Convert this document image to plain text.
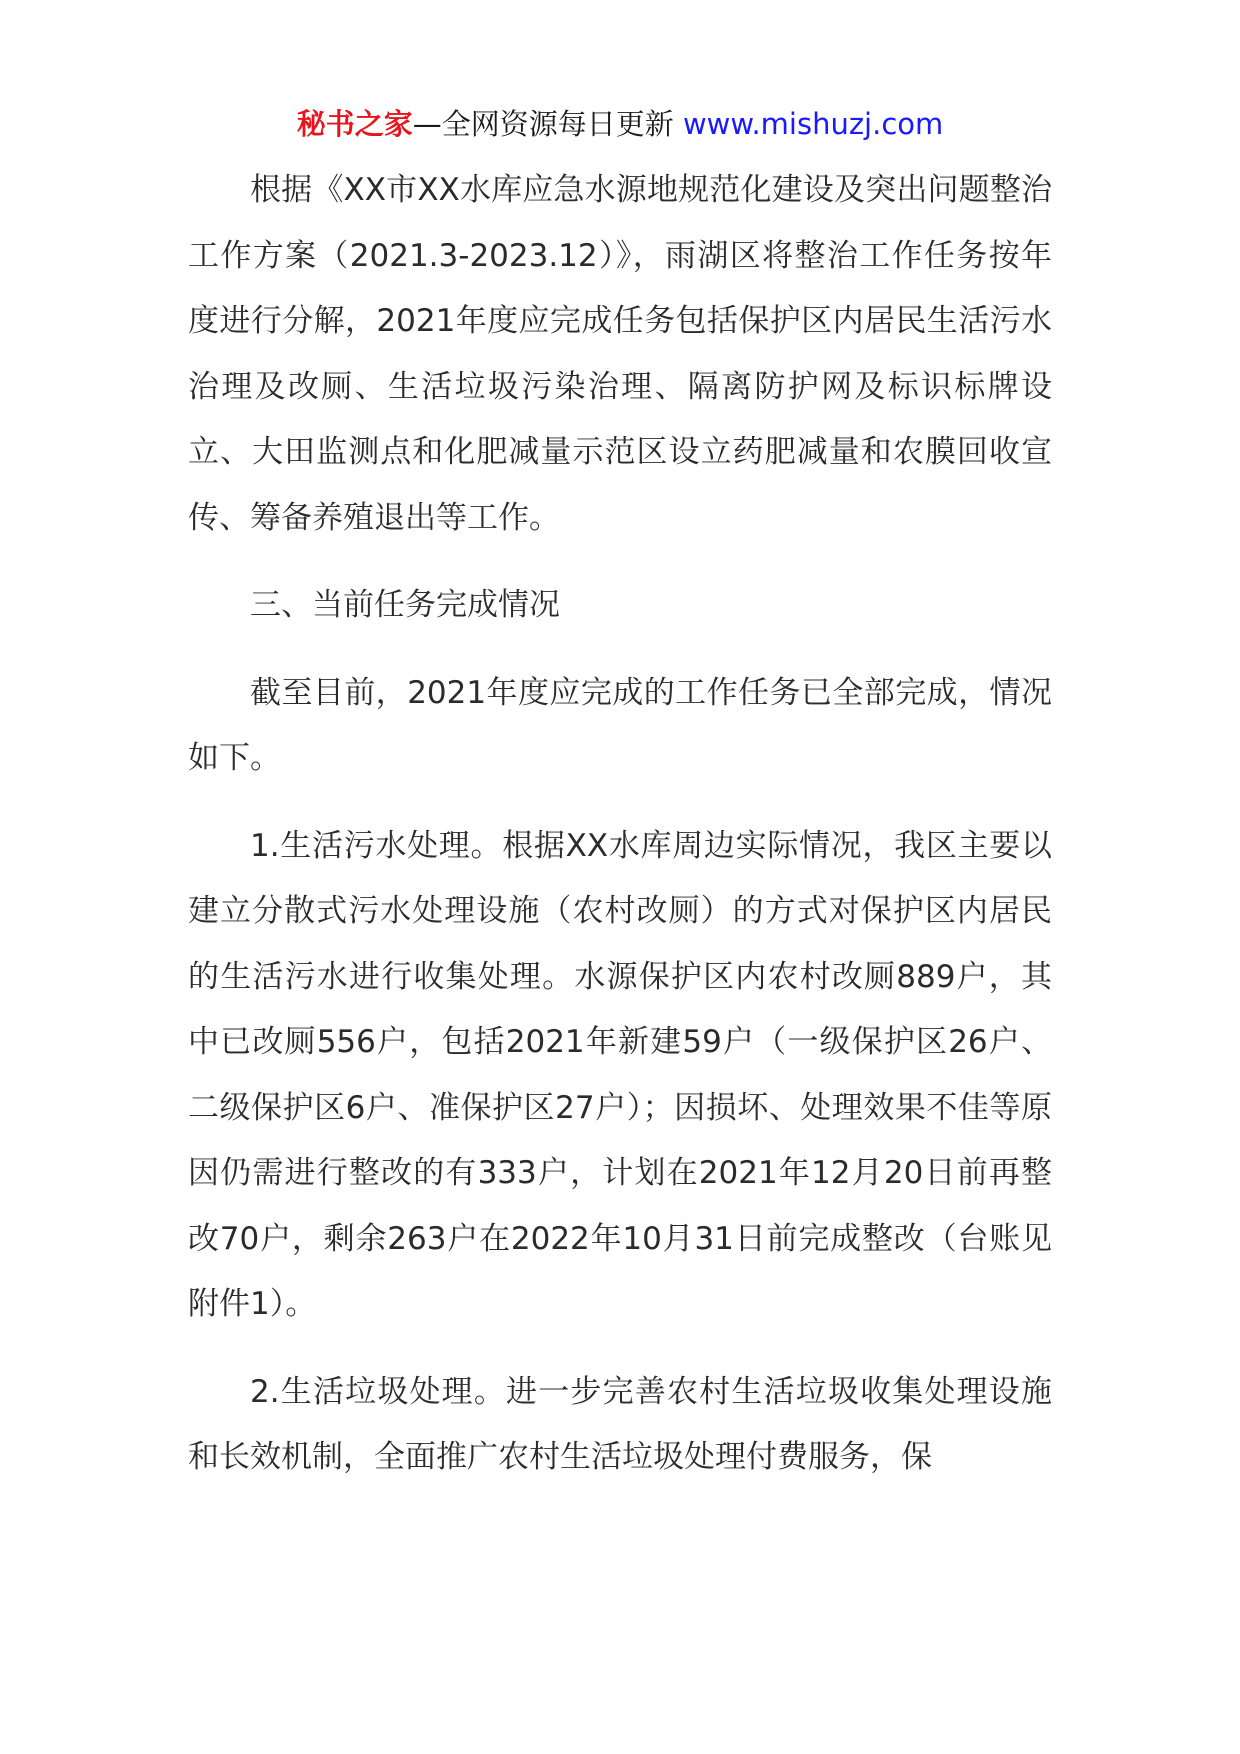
秘书之家—全网资源每日更新 www.mishuzj.com

根据《XX市XX水库应急水源地规范化建设及突出问题整治工作方案（2021.3-2023.12）》，雨湖区将整治工作任务按年度进行分解，2021年度应完成任务包括保护区内居民生活污水治理及改厕、生活垃圾污染治理、隔离防护网及标识标牌设立、大田监测点和化肥减量示范区设立药肥减量和农膜回收宣传、筹备养殖退出等工作。

三、当前任务完成情况

截至目前，2021年度应完成的工作任务已全部完成，情况如下。

1.生活污水处理。根据XX水库周边实际情况，我区主要以建立分散式污水处理设施（农村改厕）的方式对保护区内居民的生活污水进行收集处理。水源保护区内农村改厕889户，其中已改厕556户，包括2021年新建59户（一级保护区26户、二级保护区6户、准保护区27户）；因损坏、处理效果不佳等原因仍需进行整改的有333户，计划在2021年12月20日前再整改70户，剩余263户在2022年10月31日前完成整改（台账见附件1）。

2.生活垃圾处理。进一步完善农村生活垃圾收集处理设施和长效机制，全面推广农村生活垃圾处理付费服务，保
